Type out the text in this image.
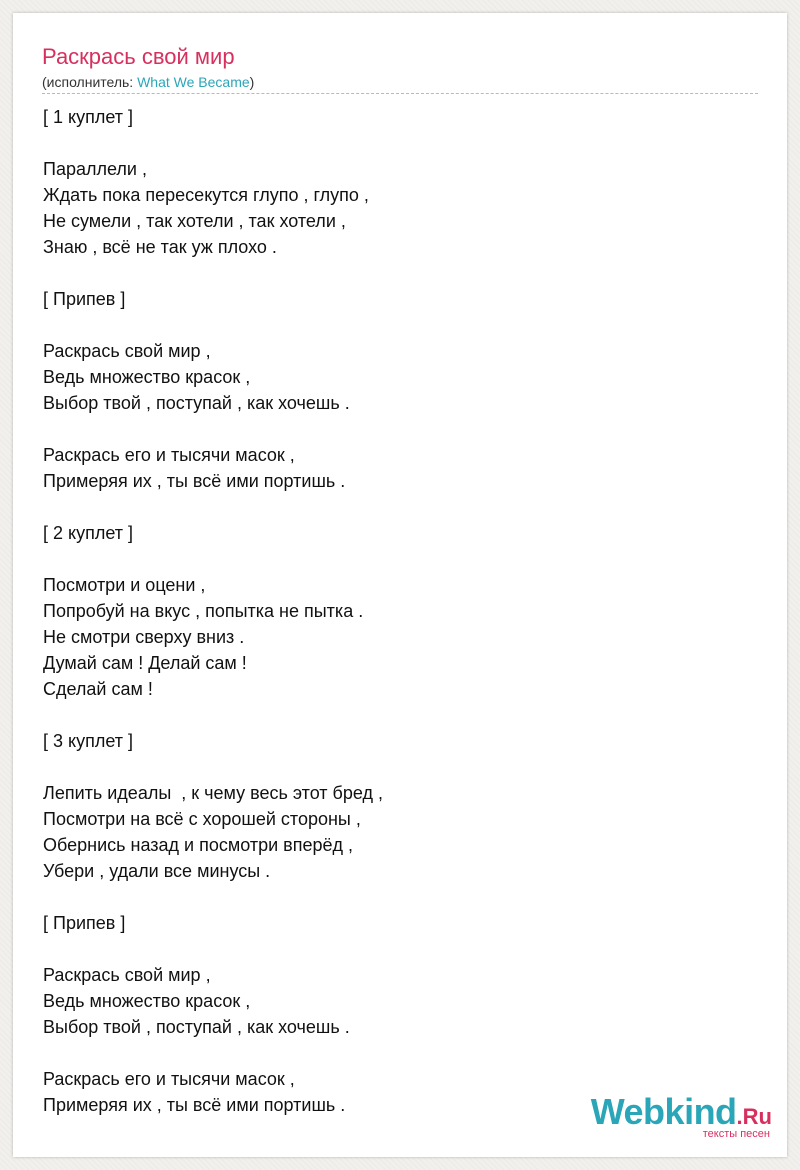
Раскрась свой мир
(исполнитель: What We Became)
[ 1 куплет ]
Параллели ,
Ждать пока пересекутся глупо , глупо ,
Не сумели , так хотели , так хотели ,
Знаю , всё не так уж плохо .
[ Припев ]
Раскрась свой мир ,
Ведь множество красок ,
Выбор твой , поступай , как хочешь .
Раскрась его и тысячи масок ,
Примеряя их , ты всё ими портишь .
[ 2 куплет ]
Посмотри и оцени ,
Попробуй на вкус , попытка не пытка .
Не смотри сверху вниз .
Думай сам ! Делай сам !
Сделай сам !
[ 3 куплет ]
Лепить идеалы  , к чему весь этот бред ,
Посмотри на всё с хорошей стороны ,
Обернись назад и посмотри вперёд ,
Убери , удали все минусы .
[ Припев ]
Раскрась свой мир ,
Ведь множество красок ,
Выбор твой , поступай , как хочешь .
Раскрась его и тысячи масок ,
Примеряя их , ты всё ими портишь .	Webkind.Ru
тексты песен
